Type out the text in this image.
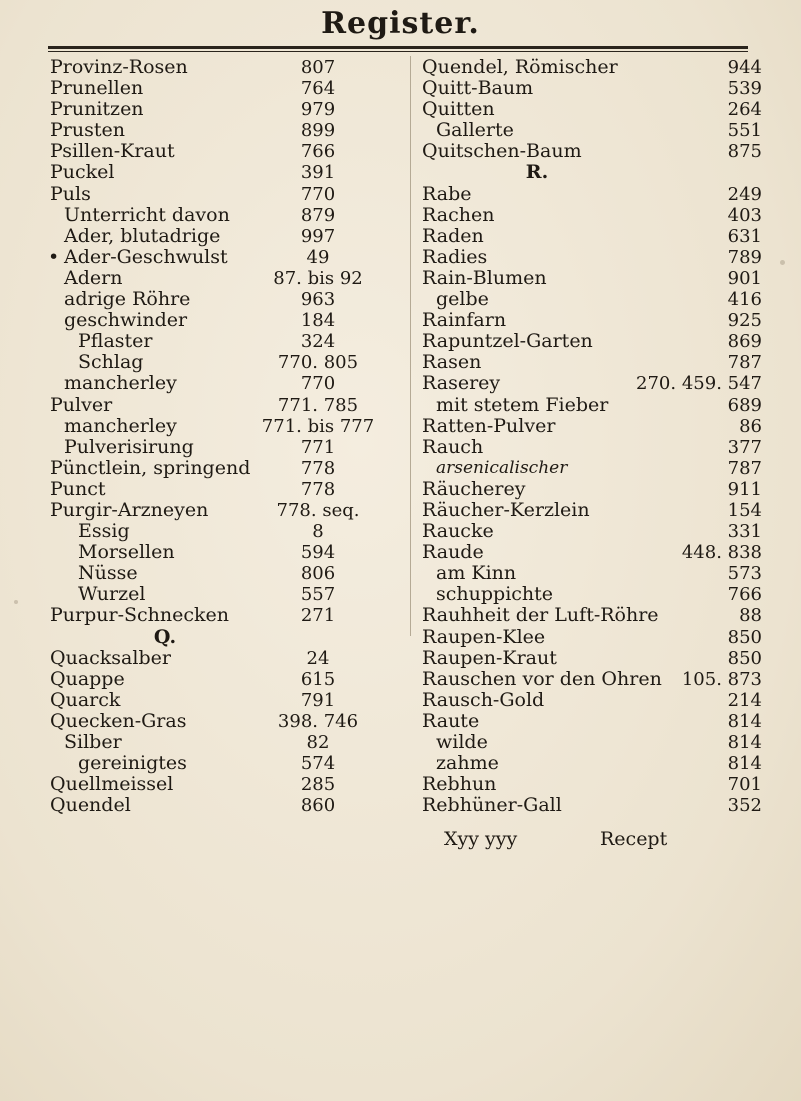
Register.
Provinz-Rosen	807
Prunellen	764
Prunitzen	979
Prusten	899
Psillen-Kraut	766
Puckel	391
Puls	770
Unterricht davon	879
Ader, blutadrige	997
• Ader-Geschwulst	49
Adern	87. bis 92
adrige Röhre	963
geschwinder	184
Pflaster	324
Schlag	770. 805
mancherley	770
Pulver	771. 785
mancherley	771. bis 777
Pulverisirung	771
Pünctlein, springend	778
Punct	778
Purgir-Arzneyen	778. seq.
Essig	8
Morsellen	594
Nüsse	806
Wurzel	557
Purpur-Schnecken	271
Q.
Quacksalber	24
Quappe	615
Quarck	791
Quecken-Gras	398. 746
Silber	82
gereinigtes	574
Quellmeissel	285
Quendel	860
Quendel, Römischer	944
Quitt-Baum	539
Quitten	264
Gallerte	551
Quitschen-Baum	875
R.
Rabe	249
Rachen	403
Raden	631
Radies	789
Rain-Blumen	901
gelbe	416
Rainfarn	925
Rapuntzel-Garten	869
Rasen	787
Raserey	270. 459. 547
mit stetem Fieber	689
Ratten-Pulver	86
Rauch	377
arsenicalischer	787
Räucherey	911
Räucher-Kerzlein	154
Raucke	331
Raude	448. 838
am Kinn	573
schuppichte	766
Rauhheit der Luft-Röhre	88
Raupen-Klee	850
Raupen-Kraut	850
Rauschen vor den Ohren	105. 873
Rausch-Gold	214
Raute	814
wilde	814
zahme	814
Rebhun	701
Rebhüner-Gall	352
Recept
Xyy yyy
